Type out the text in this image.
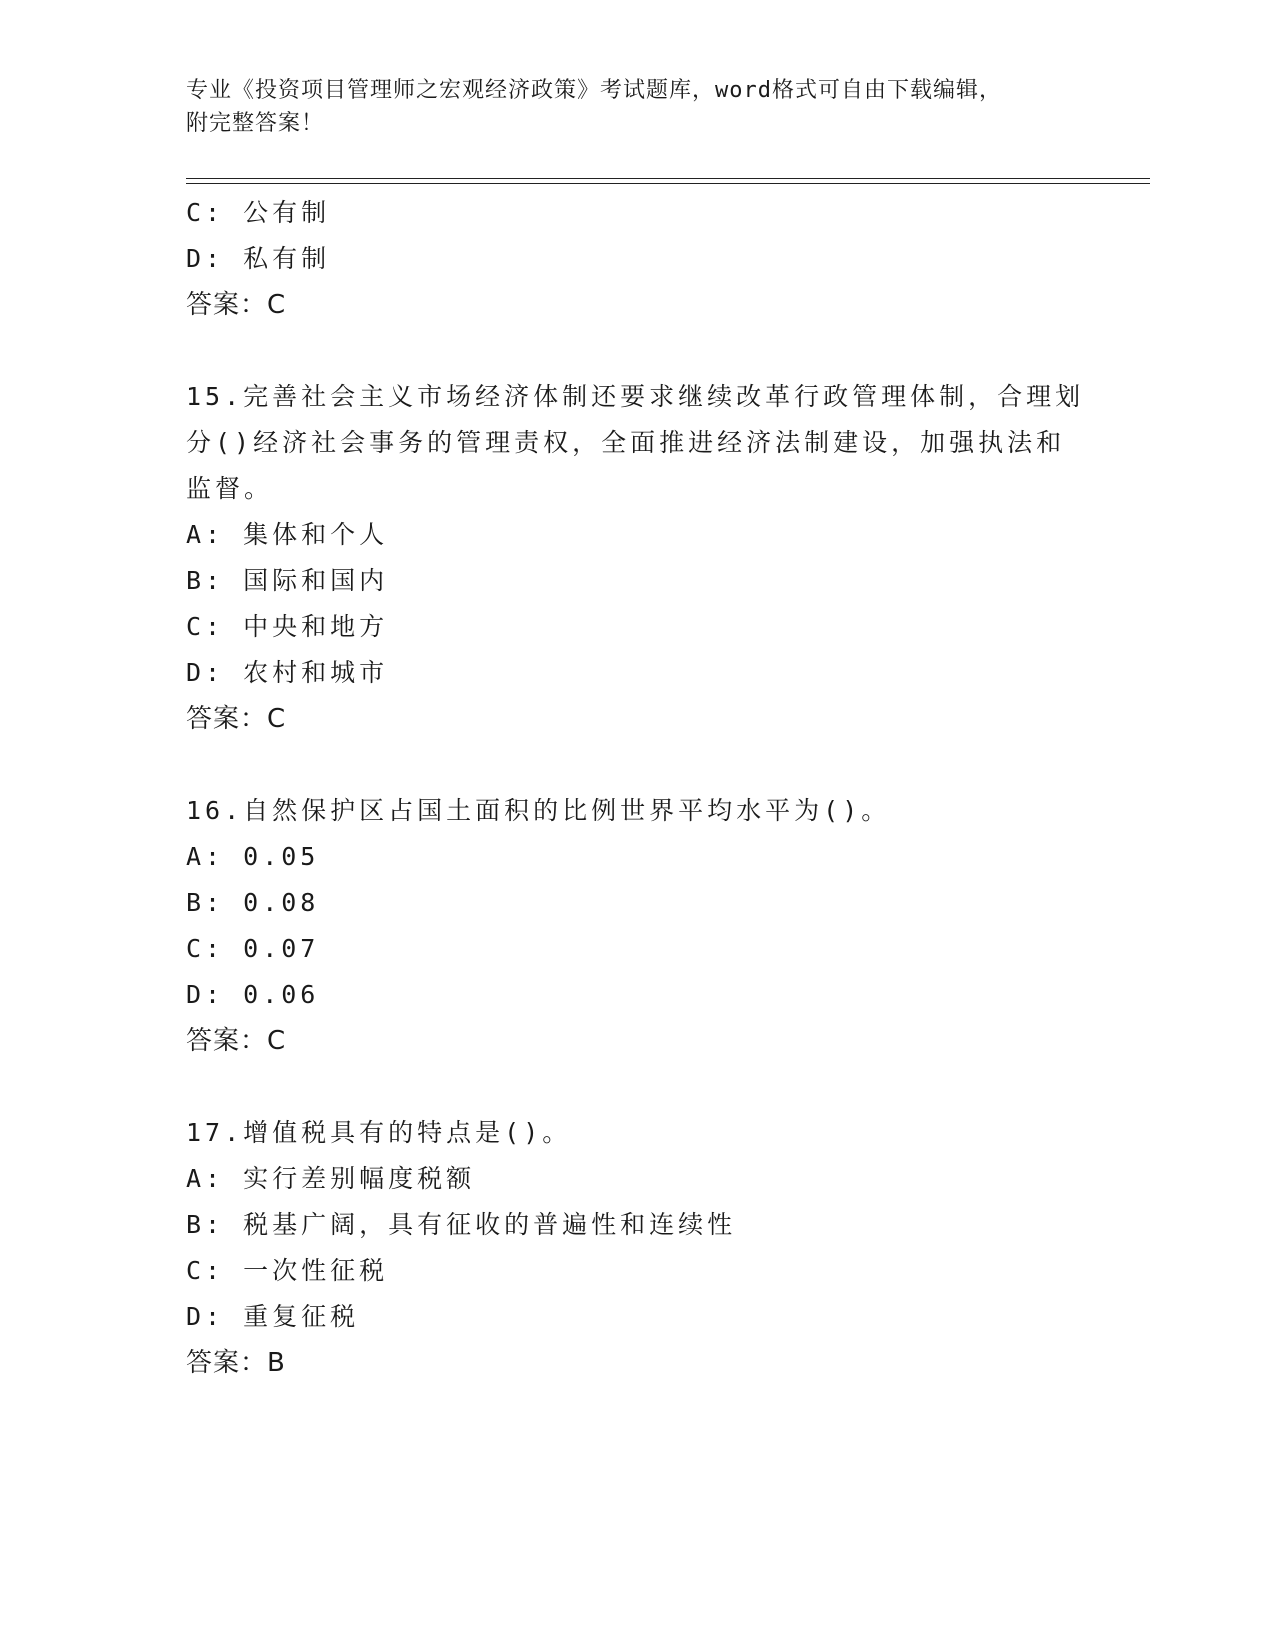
专业《投资项目管理师之宏观经济政策》考试题库，word格式可自由下载编辑，
附完整答案！
C: 公有制
D: 私有制
答案：C
15.完善社会主义市场经济体制还要求继续改革行政管理体制，合理划
分()经济社会事务的管理责权，全面推进经济法制建设，加强执法和
监督。
A: 集体和个人
B: 国际和国内
C: 中央和地方
D: 农村和城市
答案：C
16.自然保护区占国土面积的比例世界平均水平为()。
A: 0.05
B: 0.08
C: 0.07
D: 0.06
答案：C
17.增值税具有的特点是()。
A: 实行差别幅度税额
B: 税基广阔，具有征收的普遍性和连续性
C: 一次性征税
D: 重复征税
答案：B
